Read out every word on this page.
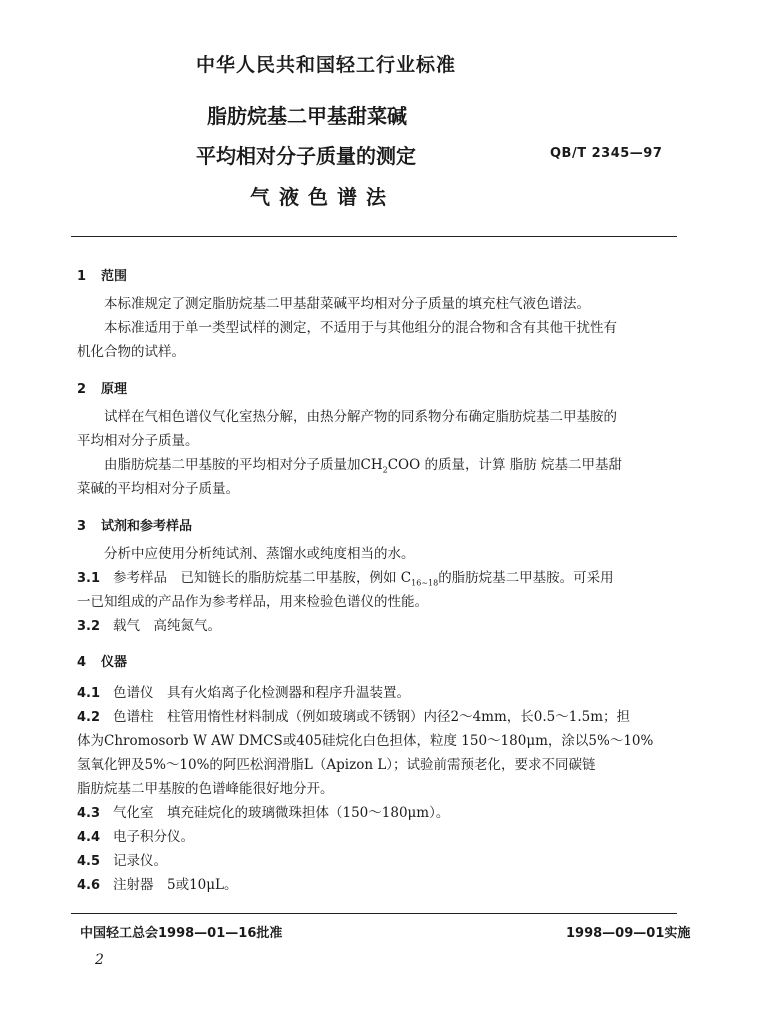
中华人民共和国轻工行业标准
脂肪烷基二甲基甜菜碱
平均相对分子质量的测定
气液色谱法
QB/T 2345—97
1 范围
本标准规定了测定脂肪烷基二甲基甜菜碱平均相对分子质量的填充柱气液色谱法。
本标准适用于单一类型试样的测定，不适用于与其他组分的混合物和含有其他干扰性有
机化合物的试样。
2 原理
试样在气相色谱仪气化室热分解，由热分解产物的同系物分布确定脂肪烷基二甲基胺的
平均相对分子质量。
由脂肪烷基二甲基胺的平均相对分子质量加$CH_2COO$ 的质量，计算 脂肪 烷基二甲基甜
菜碱的平均相对分子质量。
3 试剂和参考样品
分析中应使用分析纯试剂、蒸馏水或纯度相当的水。
3.1 参考样品　已知链长的脂肪烷基二甲基胺，例如 $C_{16\sim 18}$的脂肪烷基二甲基胺。可采用
一已知组成的产品作为参考样品，用来检验色谱仪的性能。
3.2 载气　高纯氮气。
4 仪器
4.1 色谱仪　具有火焰离子化检测器和程序升温装置。
4.2 色谱柱　柱管用惰性材料制成（例如玻璃或不锈钢）内径2～4mm，长0.5～1.5m；担
体为Chromosorb W AW DMCS或405硅烷化白色担体，粒度 150～180μm，涂以5%～10%
氢氧化钾及5%～10%的阿匹松润滑脂L（Apizon L）；试验前需预老化，要求不同碳链
脂肪烷基二甲基胺的色谱峰能很好地分开。
4.3 气化室　填充硅烷化的玻璃微珠担体（150～180μm）。
4.4 电子积分仪。
4.5 记录仪。
4.6 注射器　5或10μL。
中国轻工总会1998—01—16批准	1998—09—01实施
2
